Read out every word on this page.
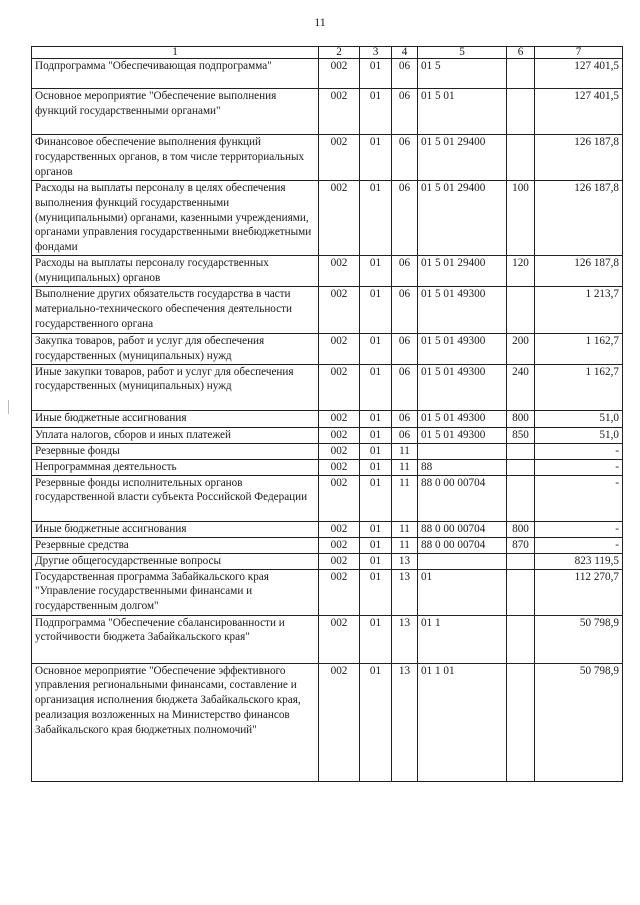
11
1	2	3	4	5	6	7
Подпрограмма "Обеспечивающая подпрограмма"	002	01	06	01 5		127 401,5
Основное мероприятие "Обеспечение выполнения функций государственными органами"	002	01	06	01 5 01		127 401,5
Финансовое обеспечение выполнения функций государственных органов, в том числе территориальных органов	002	01	06	01 5 01 29400		126 187,8
Расходы на выплаты персоналу в целях обеспечения выполнения функций государственными (муниципальными) органами, казенными учреждениями, органами управления государственными внебюджетными фондами	002	01	06	01 5 01 29400	100	126 187,8
Расходы на выплаты персоналу государственных (муниципальных) органов	002	01	06	01 5 01 29400	120	126 187,8
Выполнение других обязательств государства в части материально-технического обеспечения деятельности государственного органа	002	01	06	01 5 01 49300		1 213,7
Закупка товаров, работ и услуг для обеспечения государственных (муниципальных) нужд	002	01	06	01 5 01 49300	200	1 162,7
Иные закупки товаров, работ и услуг для обеспечения государственных (муниципальных) нужд	002	01	06	01 5 01 49300	240	1 162,7
Иные бюджетные ассигнования	002	01	06	01 5 01 49300	800	51,0
Уплата налогов, сборов и иных платежей	002	01	06	01 5 01 49300	850	51,0
Резервные фонды	002	01	11			-
Непрограммная деятельность	002	01	11	88		-
Резервные фонды исполнительных органов государственной власти субъекта Российской Федерации	002	01	11	88 0 00 00704		-
Иные бюджетные ассигнования	002	01	11	88 0 00 00704	800	-
Резервные средства	002	01	11	88 0 00 00704	870	-
Другие общегосударственные вопросы	002	01	13			823 119,5
Государственная программа Забайкальского края "Управление государственными финансами и государственным долгом"	002	01	13	01		112 270,7
Подпрограмма "Обеспечение сбалансированности и устойчивости бюджета Забайкальского края"	002	01	13	01 1		50 798,9
Основное мероприятие "Обеспечение эффективного управления региональными финансами, составление и организация исполнения бюджета Забайкальского края, реализация возложенных на Министерство финансов Забайкальского края бюджетных полномочий"	002	01	13	01 1 01		50 798,9
